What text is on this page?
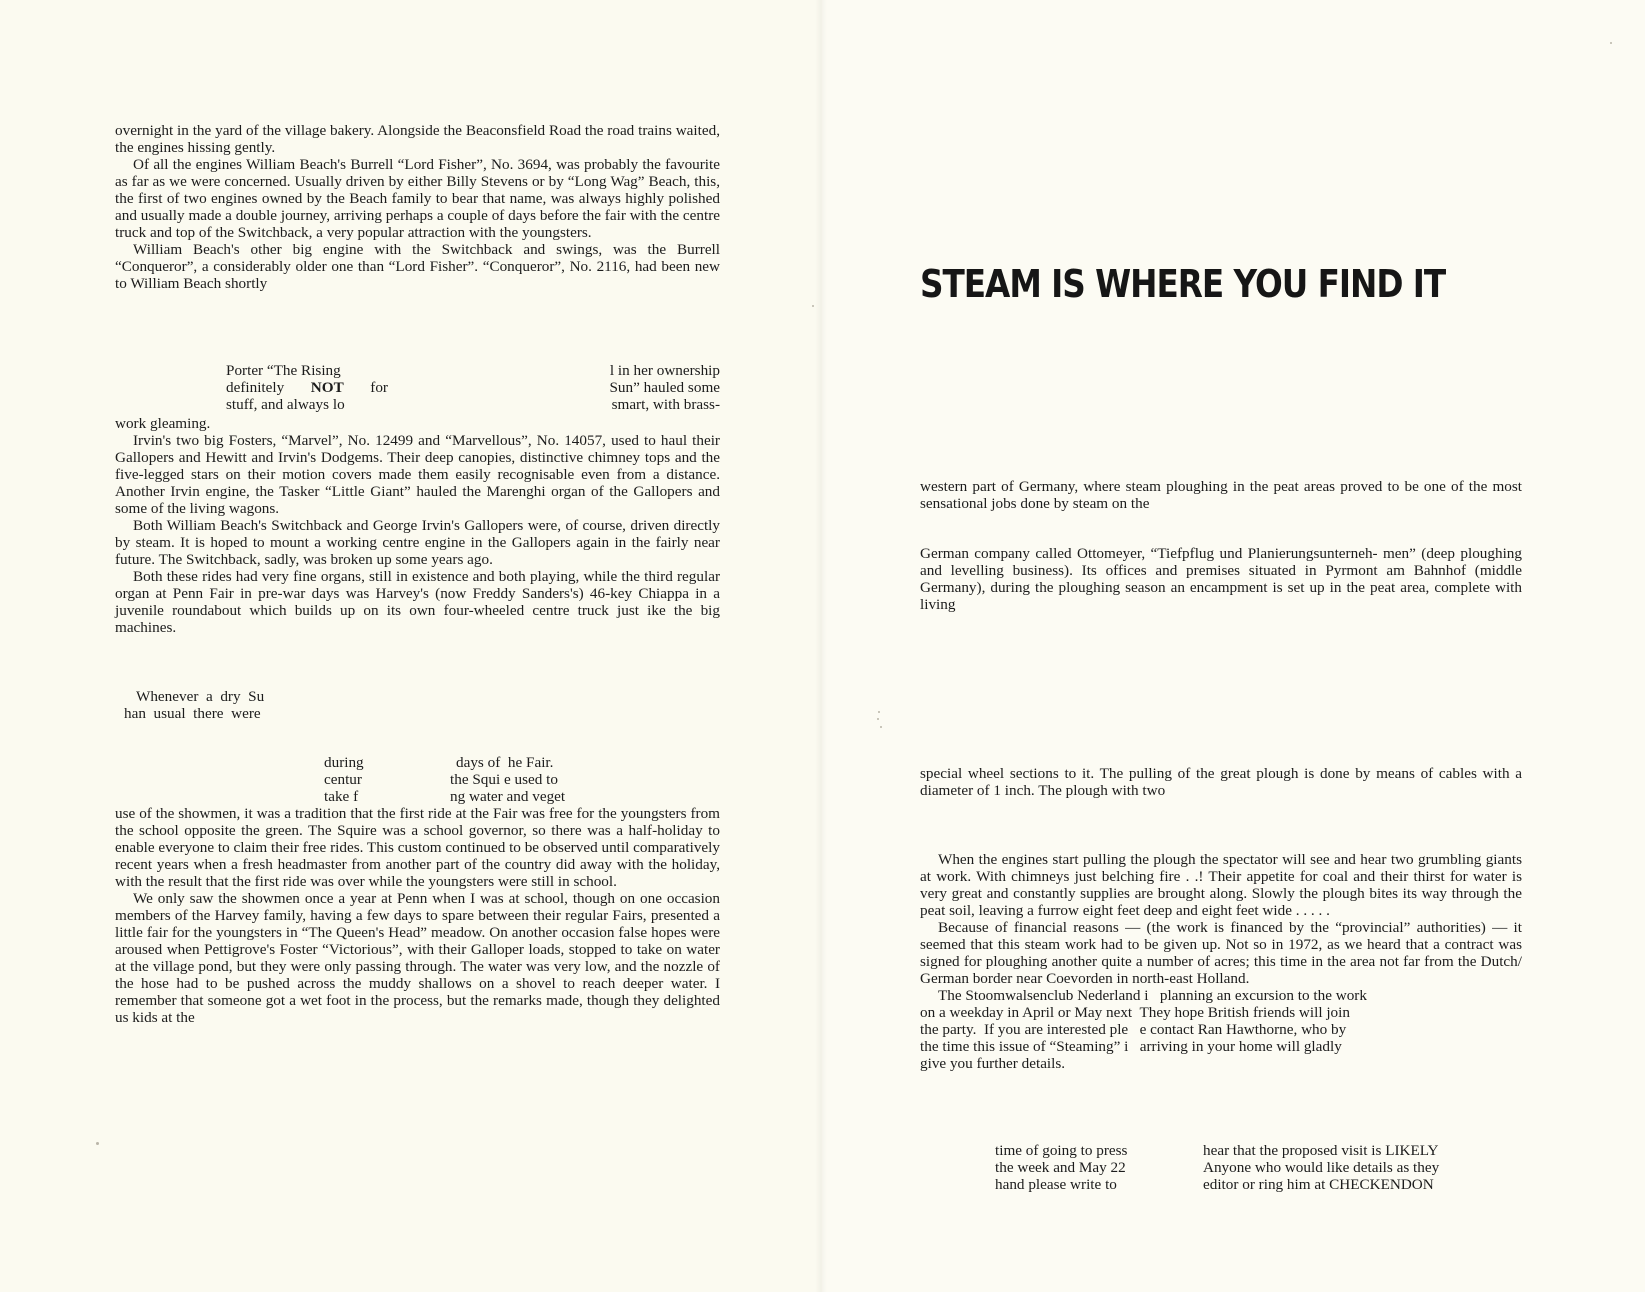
overnight in the yard of the village bakery. Alongside the Beaconsfield Road the road trains waited, the engines hissing gently.

Of all the engines William Beach's Burrell “Lord Fisher”, No. 3694, was probably the favourite as far as we were concerned. Usually driven by either Billy Stevens or by “Long Wag” Beach, this, the first of two engines owned by the Beach family to bear that name, was always highly polished and usually made a double journey, arriving perhaps a couple of days before the fair with the centre truck and top of the Switchback, a very popular attraction with the youngsters.

William Beach's other big engine with the Switchback and swings, was the Burrell “Conqueror”, a considerably older one than “Lord Fisher”. “Conqueror”, No. 2116, had been new to William Beach shortly

Porter “The Rising
definitely NOT for
stuff, and always lo
l in her ownership
Sun” hauled some
smart, with brass-

work gleaming.

Irvin's two big Fosters, “Marvel”, No. 12499 and “Marvellous”, No. 14057, used to haul their Gallopers and Hewitt and Irvin's Dodgems. Their deep canopies, distinctive chimney tops and the five-legged stars on their motion covers made them easily recognisable even from a distance. Another Irvin engine, the Tasker “Little Giant” hauled the Marenghi organ of the Gallopers and some of the living wagons.

Both William Beach's Switchback and George Irvin's Gallopers were, of course, driven directly by steam. It is hoped to mount a working centre engine in the Gallopers again in the fairly near future. The Switchback, sadly, was broken up some years ago.

Both these rides had very fine organs, still in existence and both playing, while the third regular organ at Penn Fair in pre-war days was Harvey's (now Freddy Sanders's) 46-key Chiappa in a juvenile roundabout which builds up on its own four-wheeled centre truck just ike the big machines.

Whenever  a  dry  Su
han  usual  there  were
during
centur
take f
days of  he Fair.
the Squi e used to
ng water and veget

use of the showmen, it was a tradition that the first ride at the Fair was free for the youngsters from the school opposite the green. The Squire was a school governor, so there was a half-holiday to enable everyone to claim their free rides. This custom continued to be observed until comparatively recent years when a fresh headmaster from another part of the country did away with the holiday, with the result that the first ride was over while the youngsters were still in school.

We only saw the showmen once a year at Penn when I was at school, though on one occasion members of the Harvey family, having a few days to spare between their regular Fairs, presented a little fair for the youngsters in “The Queen's Head” meadow. On another occasion false hopes were aroused when Pettigrove's Foster “Victorious”, with their Galloper loads, stopped to take on water at the village pond, but they were only passing through. The water was very low, and the nozzle of the hose had to be pushed across the muddy shallows on a shovel to reach deeper water. I remember that someone got a wet foot in the process, but the remarks made, though they delighted us kids at the

STEAM IS WHERE YOU FIND IT

western part of Germany, where steam ploughing in the peat areas proved to be one of the most sensational jobs done by steam on the

German company called Ottomeyer, “Tiefpflug und Planierungsunterneh- men” (deep ploughing and levelling business). Its offices and premises situated in Pyrmont am Bahnhof (middle Germany), during the ploughing season an encampment is set up in the peat area, complete with living

special wheel sections to it. The pulling of the great plough is done by means of cables with a diameter of 1 inch. The plough with two

When the engines start pulling the plough the spectator will see and hear two grumbling giants at work. With chimneys just belching fire . .! Their appetite for coal and their thirst for water is very great and constantly supplies are brought along. Slowly the plough bites its way through the peat soil, leaving a furrow eight feet deep and eight feet wide . . . . .

Because of financial reasons — (the work is financed by the “provincial” authorities) — it seemed that this steam work had to be given up. Not so in 1972, as we heard that a contract was signed for ploughing another quite a number of acres; this time in the area not far from the Dutch/ German border near Coevorden in north-east Holland.

The Stoomwalsenclub Nederland i   planning an excursion to the work
on a weekday in April or May next  They hope British friends will join
the party.  If you are interested ple   e contact Ran Hawthorne, who by
the time this issue of “Steaming” i   arriving in your home will gladly
give you further details.
time of going to press
the week and May 22
hand please write to
hear that the proposed visit is LIKELY
Anyone who would like details as they
editor or ring him at CHECKENDON
